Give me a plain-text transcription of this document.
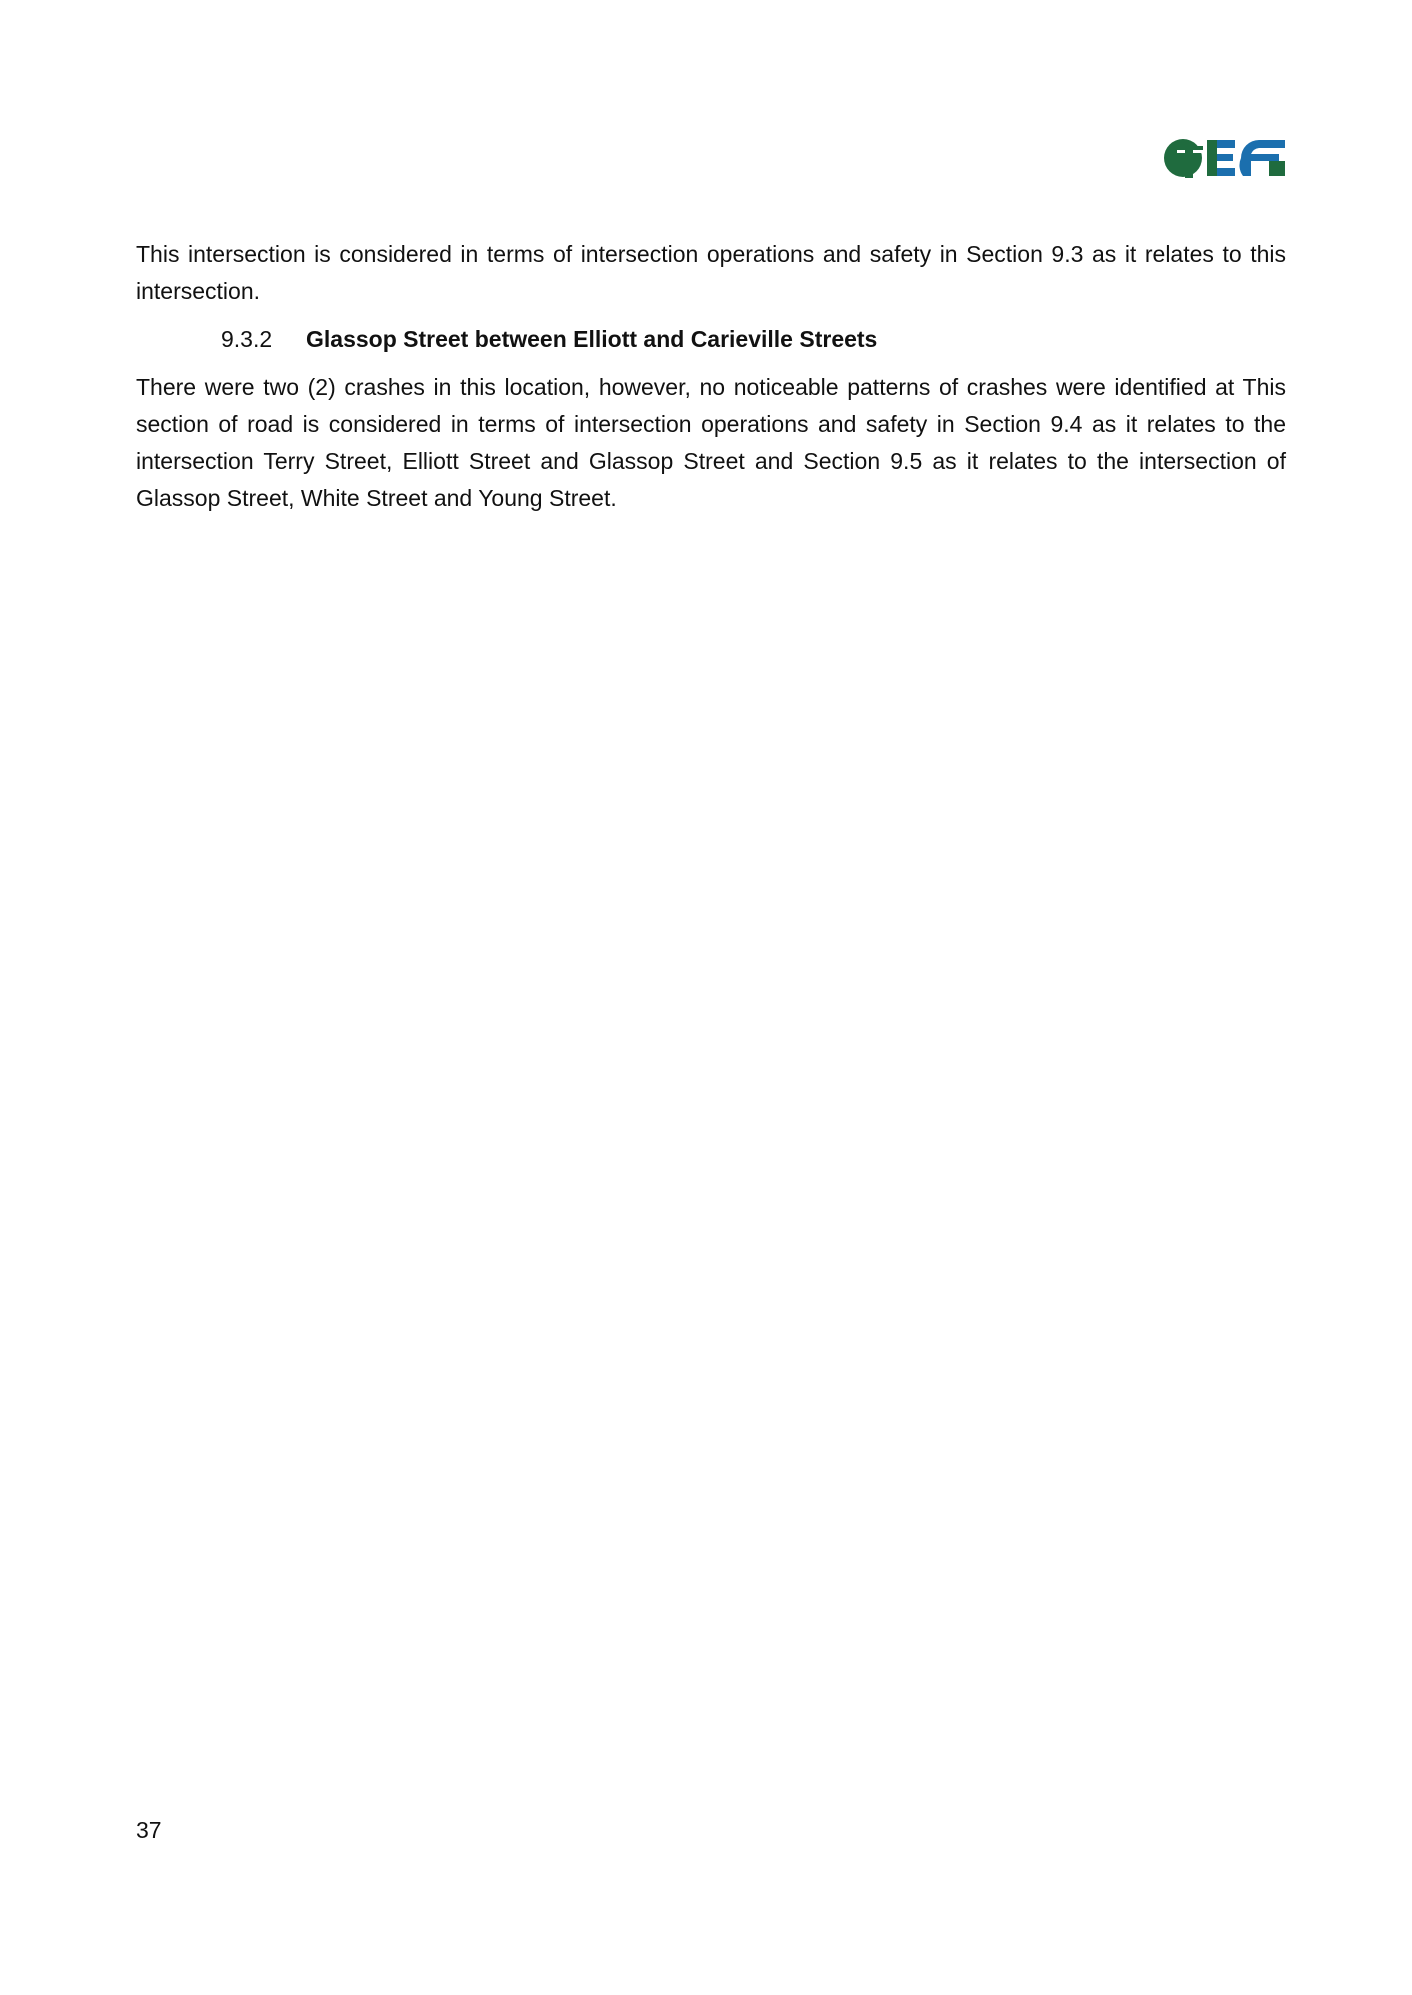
This intersection is considered in terms of intersection operations and safety in Section 9.3 as it relates to this intersection.

9.3.2	Glassop Street between Elliott and Carieville Streets

There were two (2) crashes in this location, however, no noticeable patterns of crashes were identified at This section of road is considered in terms of intersection operations and safety in Section 9.4 as it relates to the intersection Terry Street, Elliott Street and Glassop Street and Section 9.5 as it relates to the intersection of Glassop Street, White Street and Young Street.

37
